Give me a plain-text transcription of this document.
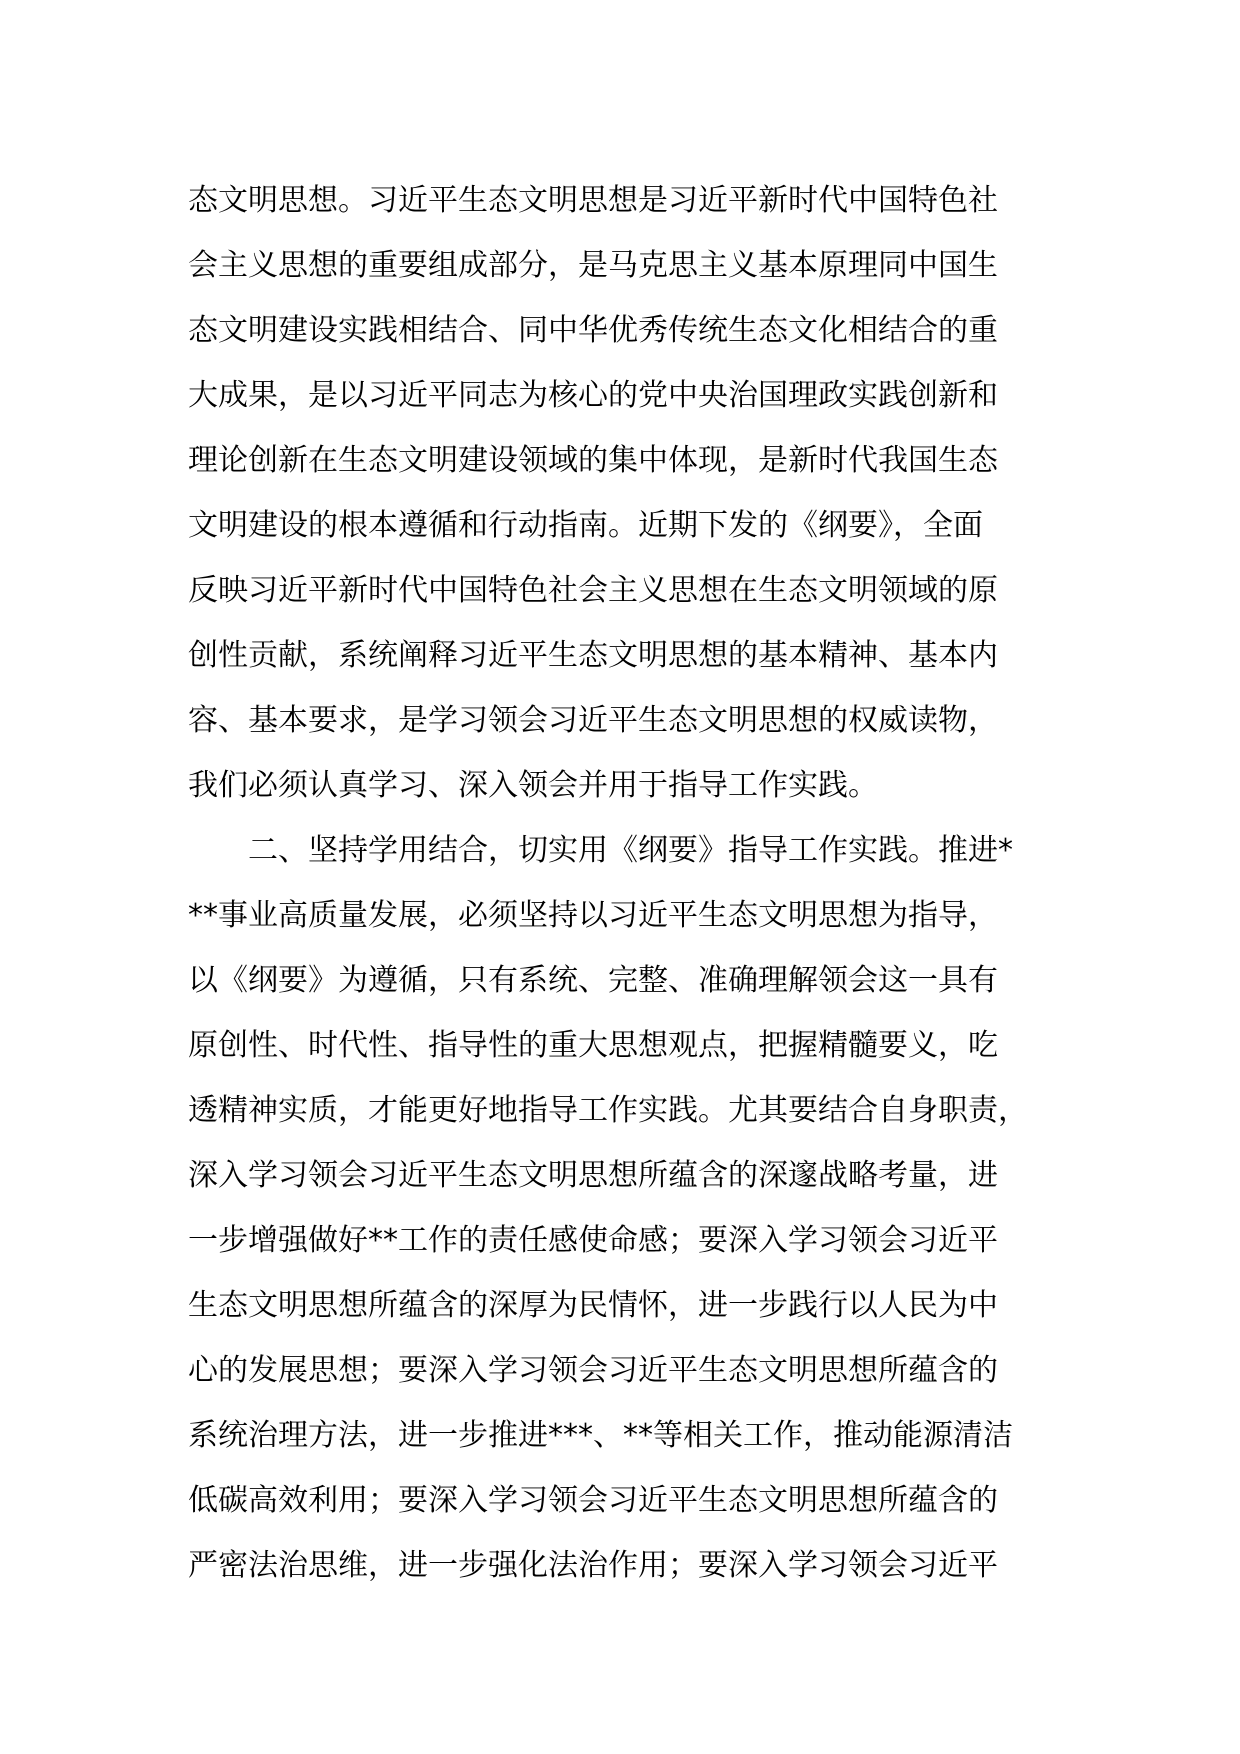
态文明思想。习近平生态文明思想是习近平新时代中国特色社
会主义思想的重要组成部分，是马克思主义基本原理同中国生
态文明建设实践相结合、同中华优秀传统生态文化相结合的重
大成果，是以习近平同志为核心的党中央治国理政实践创新和
理论创新在生态文明建设领域的集中体现，是新时代我国生态
文明建设的根本遵循和行动指南。近期下发的《纲要》，全面
反映习近平新时代中国特色社会主义思想在生态文明领域的原
创性贡献，系统阐释习近平生态文明思想的基本精神、基本内
容、基本要求，是学习领会习近平生态文明思想的权威读物，
我们必须认真学习、深入领会并用于指导工作实践。
二、坚持学用结合，切实用《纲要》指导工作实践。推进*
**事业高质量发展，必须坚持以习近平生态文明思想为指导，
以《纲要》为遵循，只有系统、完整、准确理解领会这一具有
原创性、时代性、指导性的重大思想观点，把握精髓要义，吃
透精神实质，才能更好地指导工作实践。尤其要结合自身职责，
深入学习领会习近平生态文明思想所蕴含的深邃战略考量，进
一步增强做好**工作的责任感使命感；要深入学习领会习近平
生态文明思想所蕴含的深厚为民情怀，进一步践行以人民为中
心的发展思想；要深入学习领会习近平生态文明思想所蕴含的
系统治理方法，进一步推进***、**等相关工作，推动能源清洁
低碳高效利用；要深入学习领会习近平生态文明思想所蕴含的
严密法治思维，进一步强化法治作用；要深入学习领会习近平
